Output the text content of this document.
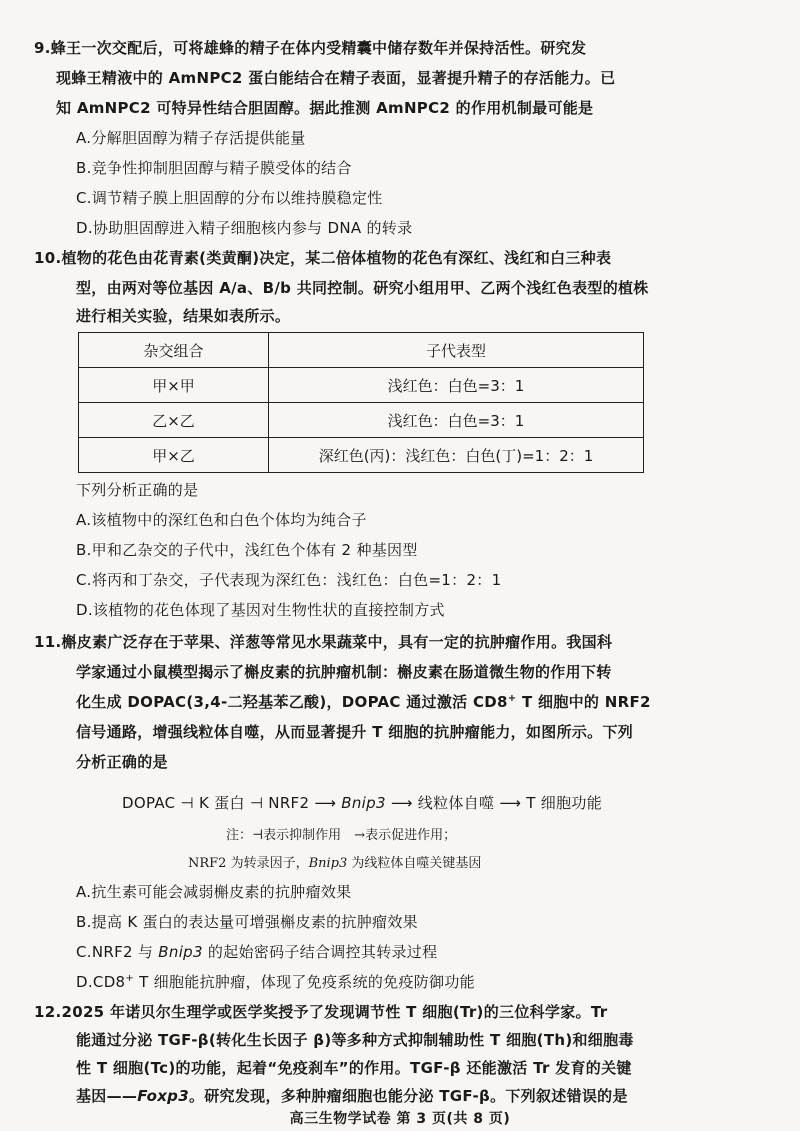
9.蜂王一次交配后，可将雄蜂的精子在体内受精囊中储存数年并保持活性。研究发
现蜂王精液中的 AmNPC2 蛋白能结合在精子表面，显著提升精子的存活能力。已
知 AmNPC2 可特异性结合胆固醇。据此推测 AmNPC2 的作用机制最可能是
A.分解胆固醇为精子存活提供能量
B.竞争性抑制胆固醇与精子膜受体的结合
C.调节精子膜上胆固醇的分布以维持膜稳定性
D.协助胆固醇进入精子细胞核内参与 DNA 的转录
10.植物的花色由花青素(类黄酮)决定，某二倍体植物的花色有深红、浅红和白三种表
型，由两对等位基因 A/a、B/b 共同控制。研究小组用甲、乙两个浅红色表型的植株
进行相关实验，结果如表所示。
杂交组合	子代表型
甲×甲	浅红色：白色=3：1
乙×乙	浅红色：白色=3：1
甲×乙	深红色(丙)：浅红色：白色(丁)=1：2：1
下列分析正确的是
A.该植物中的深红色和白色个体均为纯合子
B.甲和乙杂交的子代中，浅红色个体有 2 种基因型
C.将丙和丁杂交，子代表现为深红色：浅红色：白色=1：2：1
D.该植物的花色体现了基因对生物性状的直接控制方式
11.槲皮素广泛存在于苹果、洋葱等常见水果蔬菜中，具有一定的抗肿瘤作用。我国科
学家通过小鼠模型揭示了槲皮素的抗肿瘤机制：槲皮素在肠道微生物的作用下转
化生成 DOPAC(3,4-二羟基苯乙酸)，DOPAC 通过激活 CD8+ T 细胞中的 NRF2
信号通路，增强线粒体自噬，从而显著提升 T 细胞的抗肿瘤能力，如图所示。下列
分析正确的是
DOPAC ⊣ K 蛋白 ⊣ NRF2 ⟶ Bnip3 ⟶ 线粒体自噬 ⟶ T 细胞功能
注：⊣表示抑制作用　→表示促进作用；
NRF2 为转录因子，Bnip3 为线粒体自噬关键基因
A.抗生素可能会减弱槲皮素的抗肿瘤效果
B.提高 K 蛋白的表达量可增强槲皮素的抗肿瘤效果
C.NRF2 与 Bnip3 的起始密码子结合调控其转录过程
D.CD8+ T 细胞能抗肿瘤，体现了免疫系统的免疫防御功能
12.2025 年诺贝尔生理学或医学奖授予了发现调节性 T 细胞(Tr)的三位科学家。Tr
能通过分泌 TGF-β(转化生长因子 β)等多种方式抑制辅助性 T 细胞(Th)和细胞毒
性 T 细胞(Tc)的功能，起着“免疫刹车”的作用。TGF-β 还能激活 Tr 发育的关键
基因——Foxp3。研究发现，多种肿瘤细胞也能分泌 TGF-β。下列叙述错误的是
高三生物学试卷 第 3 页(共 8 页)
